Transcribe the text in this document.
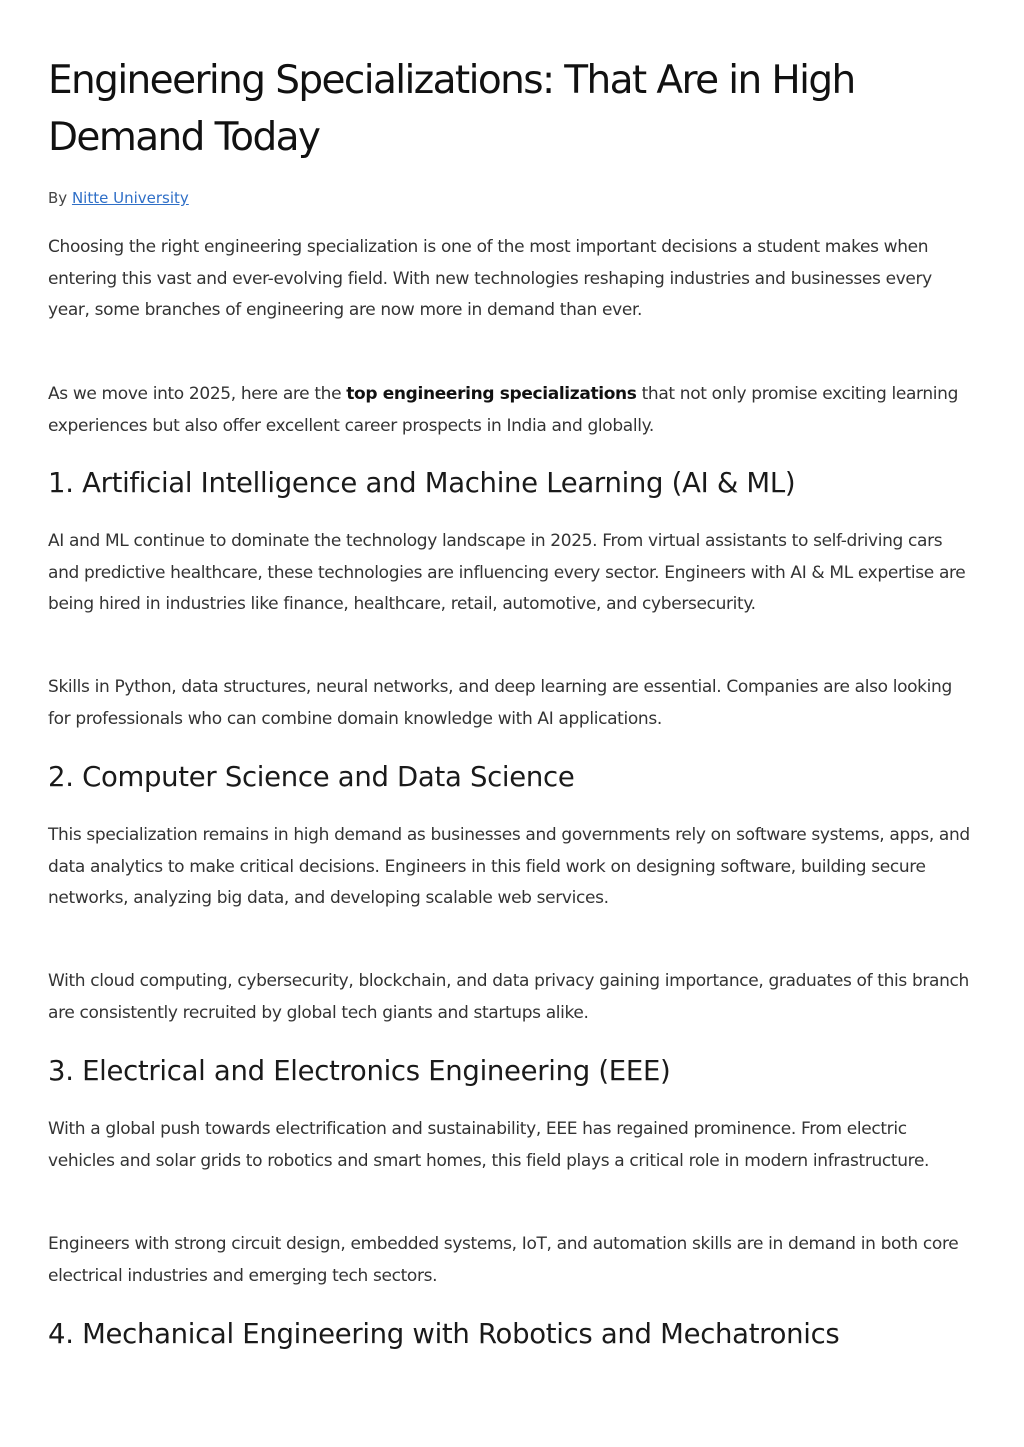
Engineering Specializations: That Are in High Demand Today
By Nitte University

Choosing the right engineering specialization is one of the most important decisions a student makes when entering this vast and ever-evolving field. With new technologies reshaping industries and businesses every year, some branches of engineering are now more in demand than ever.

As we move into 2025, here are the top engineering specializations that not only promise exciting learning experiences but also offer excellent career prospects in India and globally.

1. Artificial Intelligence and Machine Learning (AI & ML)

AI and ML continue to dominate the technology landscape in 2025. From virtual assistants to self-driving cars and predictive healthcare, these technologies are influencing every sector. Engineers with AI & ML expertise are being hired in industries like finance, healthcare, retail, automotive, and cybersecurity.

Skills in Python, data structures, neural networks, and deep learning are essential. Companies are also looking for professionals who can combine domain knowledge with AI applications.

2. Computer Science and Data Science

This specialization remains in high demand as businesses and governments rely on software systems, apps, and data analytics to make critical decisions. Engineers in this field work on designing software, building secure networks, analyzing big data, and developing scalable web services.

With cloud computing, cybersecurity, blockchain, and data privacy gaining importance, graduates of this branch are consistently recruited by global tech giants and startups alike.

3. Electrical and Electronics Engineering (EEE)

With a global push towards electrification and sustainability, EEE has regained prominence. From electric vehicles and solar grids to robotics and smart homes, this field plays a critical role in modern infrastructure.

Engineers with strong circuit design, embedded systems, IoT, and automation skills are in demand in both core electrical industries and emerging tech sectors.

4. Mechanical Engineering with Robotics and Mechatronics
